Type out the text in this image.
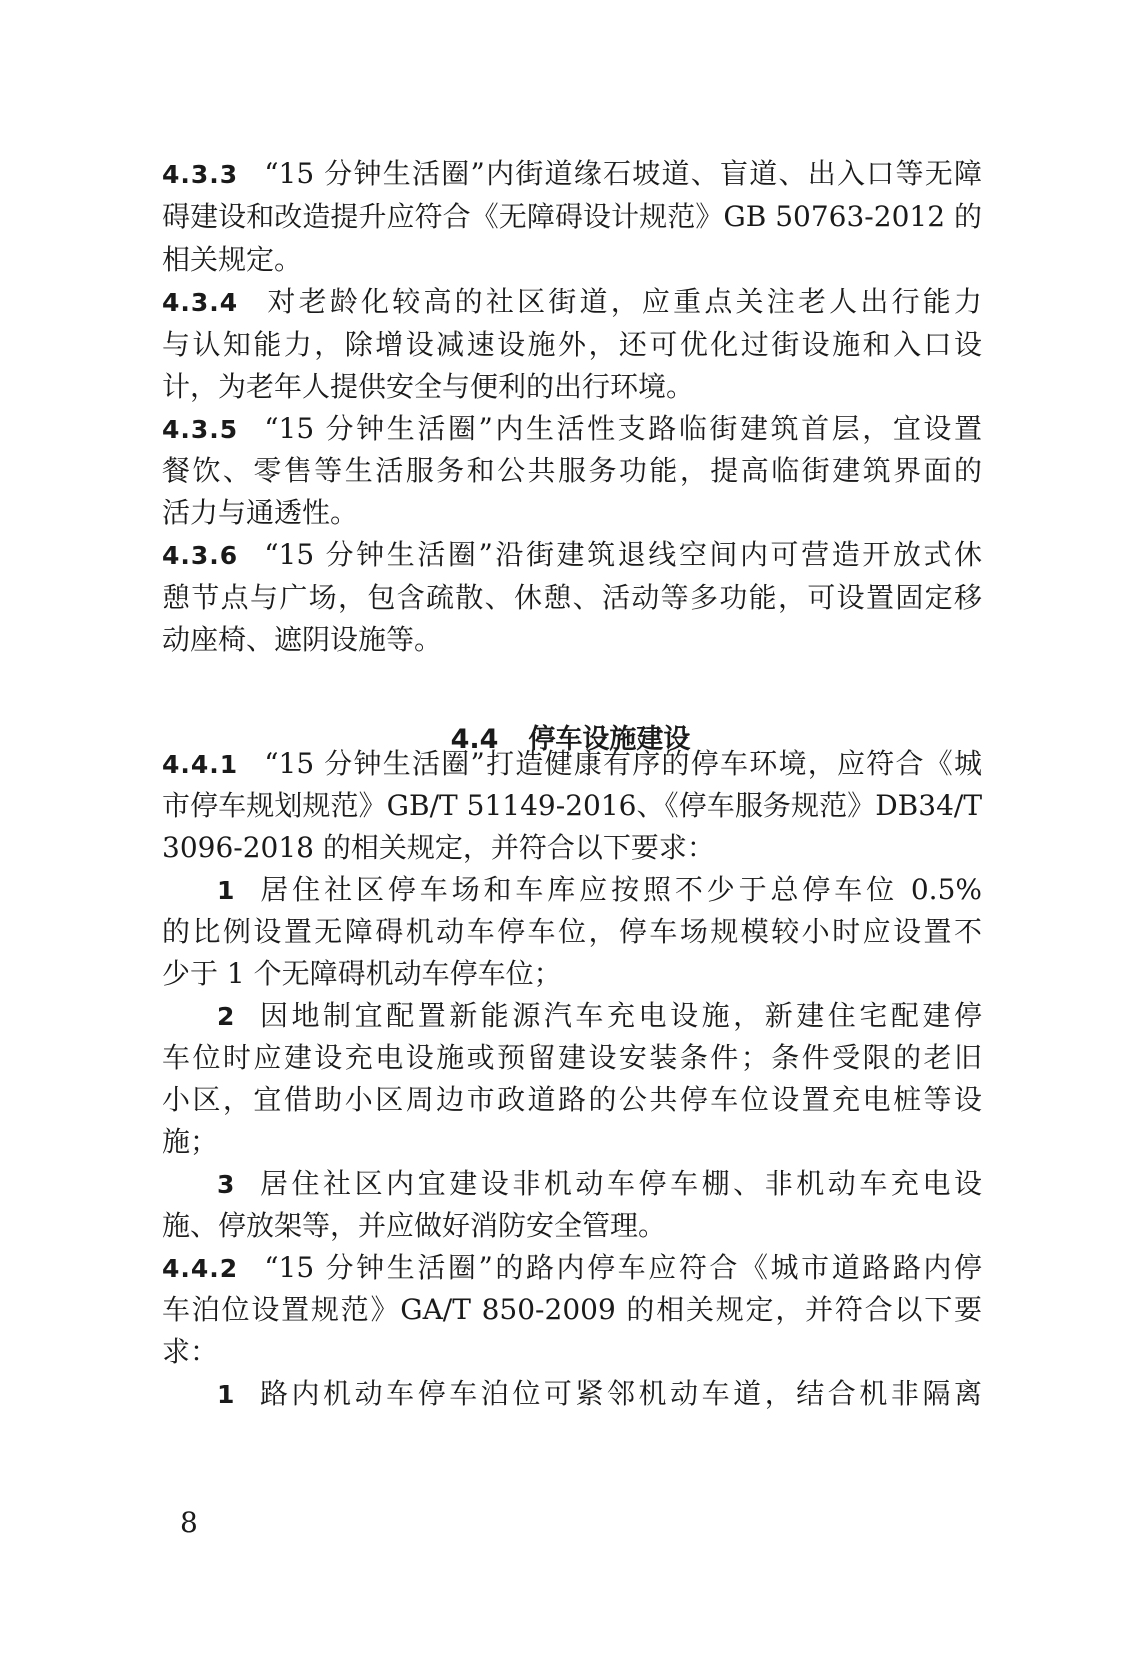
4.3.3 “15 分钟生活圈”内街道缘石坡道、盲道、出入口等无障
碍建设和改造提升应符合《无障碍设计规范》GB 50763-2012 的
相关规定。
4.3.4 对老龄化较高的社区街道，应重点关注老人出行能力
与认知能力，除增设减速设施外，还可优化过街设施和入口设
计，为老年人提供安全与便利的出行环境。
4.3.5 “15 分钟生活圈”内生活性支路临街建筑首层，宜设置
餐饮、零售等生活服务和公共服务功能，提高临街建筑界面的
活力与通透性。
4.3.6 “15 分钟生活圈”沿街建筑退线空间内可营造开放式休
憩节点与广场，包含疏散、休憩、活动等多功能，可设置固定移
动座椅、遮阴设施等。
4.4 停车设施建设
4.4.1 “15 分钟生活圈”打造健康有序的停车环境，应符合《城
市停车规划规范》GB/T 51149-2016、《停车服务规范》DB34/T
3096-2018 的相关规定，并符合以下要求：
1 居住社区停车场和车库应按照不少于总停车位 0.5%
的比例设置无障碍机动车停车位，停车场规模较小时应设置不
少于 1 个无障碍机动车停车位；
2 因地制宜配置新能源汽车充电设施，新建住宅配建停
车位时应建设充电设施或预留建设安装条件；条件受限的老旧
小区，宜借助小区周边市政道路的公共停车位设置充电桩等设
施；
3 居住社区内宜建设非机动车停车棚、非机动车充电设
施、停放架等，并应做好消防安全管理。
4.4.2 “15 分钟生活圈”的路内停车应符合《城市道路路内停
车泊位设置规范》GA/T 850-2009 的相关规定，并符合以下要
求：
1 路内机动车停车泊位可紧邻机动车道，结合机非隔离
8
